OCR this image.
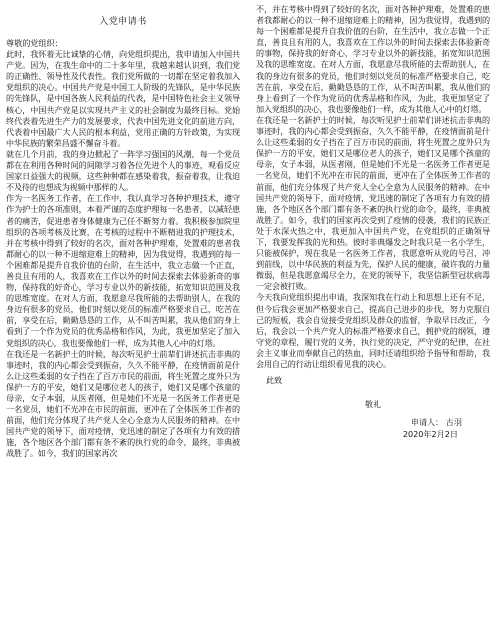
入党申请书

尊敬的党组织：

此时，我怀着无比诚挚的心情，向党组织提出，我申请加入中国共产党。因为，在我生命中的二十多年里，我越来越认识到，我们党的正确性、领导性及代表性。我们党所做的一切都在坚定着我加入党组织的决心。中国共产党是中国工人阶级的先锋队，是中华民族的先锋队，是中国各族人民利益的代表，是中国特色社会主义领导核心，中国共产党是以实现共产主义的社会制度为最终目标。党始终代表着先进生产力的发展要求，代表中国先进文化的前进方向，代表着中国最广大人民的根本利益，党用正确的方针政策，为实现中华民族的繁荣昌盛不懈奋斗着。

就在几个月前，我的身边掀起了一阵学习强国的风潮，每一个党员都在在利用各种时间的间隙学习着各位先进个人的事迹，观看反应国家日益强大的视频，这些种种都在感染着我，振奋着我，让我迫不及待的也想成为视频中那样的人。

作为一名医务工作者，在工作中，我认真学习各种护理技术，遵守作为护士的各项准则，本着严谨的态度护理每一名患者，以减轻患者的痛苦，促进患者身体健康为己任不断努力着。我积极参加院里组织的各项考核及比赛，在考核的过程中不断精进我的护理技术，并在考核中得到了较好的名次，面对各种护理难，处置难的患者我都耐心的以一种不退缩迎难上的精神，因为我觉得，我遇到的每一个困难都是提升自我价值的台阶，在生活中，我立志做一个正直，善良且有用的人，我喜欢在工作以外的时间去探索去体验新奇的事物，保持我的好奇心，学习专业以外的新技能，拓宽知识范围及我的思维宽度。在对人方面，我愿意尽我所能的去帮助别人，在我的身边有很多的党员，他们时刻以党员的标准严格要求自己，吃苦在前，享受在后，勤勤恳恳的工作，从不叫苦叫累，我从他们的身上看到了一个作为党员的优秀品格和作风，为此，我更加坚定了加入党组织的决心，我也要像他们一样，成为其他人心中的灯塔。

在我还是一名新护士的时候，每次听见护士前辈们讲述抗击非典的事迹时，我的内心都会受到振奋，久久不能平静，在疫情面前是什么让这些柔弱的女子挡在了百万市民的前面，将生死置之度外只为保护一方的平安，她们又是哪位老人的孩子，她们又是哪个孩童的母亲，女子本弱，从医者刚，但是她们不光是一名医务工作者更是一名党员，她们不光冲在市民的前面，更冲在了全体医务工作者的前面，他们充分体现了共产党人全心全意为人民服务的精神。在中国共产党的领导下，面对疫情，党迅速的制定了各项有力有效的措施，各个地区各个部门都有条不紊的执行党的命令，最终，非典被战胜了。如今，我们的国家再次

不，并在考核中得到了较好的名次，面对各种护理难，处置难的患者我都耐心的以一种不退缩迎难上的精神，因为我觉得，我遇到的每一个困难都是提升自我价值的台阶，在生活中，我立志做一个正直，善良且有用的人，我喜欢在工作以外的时间去探索去体验新奇的事物，保持我的好奇心，学习专业以外的新技能，拓宽知识范围及我的思维宽度。在对人方面，我愿意尽我所能的去帮助别人，在我的身边有很多的党员，他们时刻以党员的标准严格要求自己，吃苦在前，享受在后，勤勤恳恳的工作，从不叫苦叫累，我从他们的身上看到了一个作为党员的优秀品格和作风，为此，我更加坚定了加入党组织的决心，我也要像他们一样，成为其他人心中的灯塔。

在我还是一名新护士的时候，每次听见护士前辈们讲述抗击非典的事迹时，我的内心都会受到振奋，久久不能平静，在疫情面前是什么让这些柔弱的女子挡在了百万市民的前面，将生死置之度外只为保护一方的平安，她们又是哪位老人的孩子，她们又是哪个孩童的母亲，女子本弱，从医者刚，但是她们不光是一名医务工作者更是一名党员，她们不光冲在市民的前面，更冲在了全体医务工作者的前面，他们充分体现了共产党人全心全意为人民服务的精神。在中国共产党的领导下，面对疫情，党迅速的制定了各项有力有效的措施，各个地区各个部门都有条不紊的执行党的命令，最终，非典被战胜了。如今，我们的国家再次受到了疫情的侵袭，我们的民族正处于水深火热之中，我更加入中国共产党，在党组织的正确领导下，我要发挥我的光和热。彼时非典爆发之时我只是一名小学生，只能被保护，现在我是一名医务工作者，我愿意听从党的号召，冲到前线，以中华民族的利益为先，保护人民的健康，破许我的力量微弱，但是我愿意竭尽全力，在党的领导下，我坚信新型冠状病毒一定会被打败。

今天我向党组织提出申请，我深知我在行动上和思想上还有不足，但今后我会更加严格要求自己，提高自己进步的步伐，努力克服自己的短板，我会自觉接受党组织及群众的监督，争取早日改正，今后，我会以一个共产党人的标准严格要求自己，拥护党的纲领，遵守党的章程，履行党的义务，执行党的决定，严守党的纪律，在社会主义事业而奉献自己的热血，同时还请组织给予指导和帮助，我会用自己的行动让组织看见我的决心。

此致

敬礼

申请人： 古羽

2020年2月2日
